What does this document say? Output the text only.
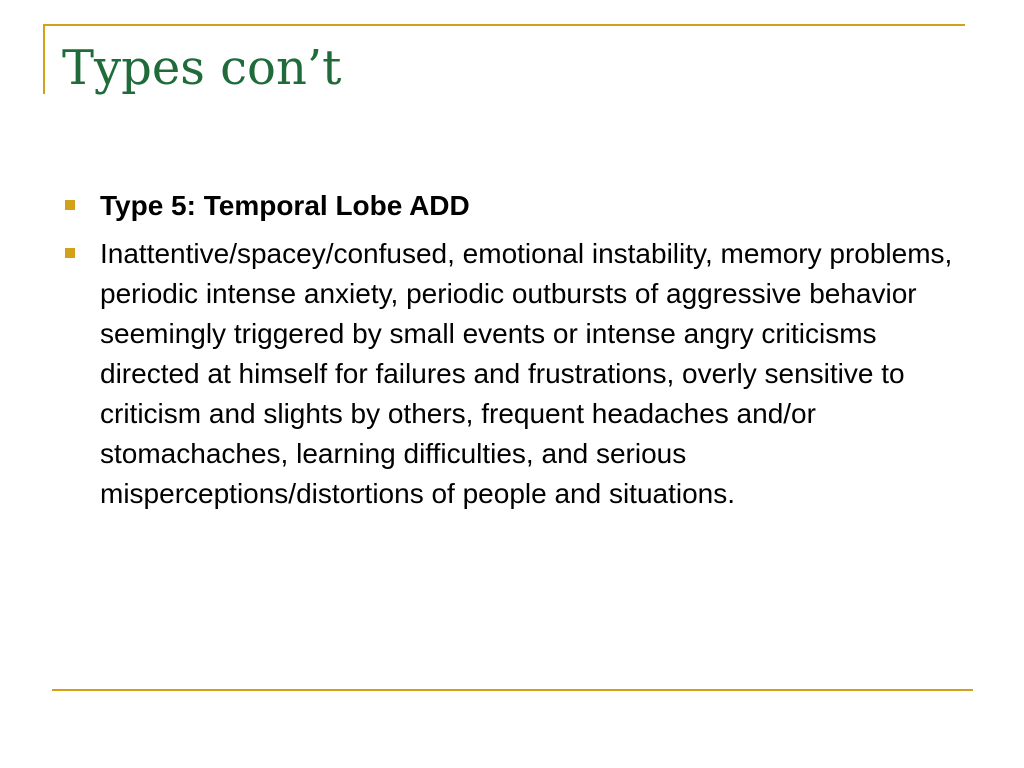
Types con’t
Type 5: Temporal Lobe ADD
Inattentive/spacey/confused, emotional instability, memory problems, periodic intense anxiety, periodic outbursts of aggressive behavior seemingly triggered by small events or intense angry criticisms directed at himself for failures and frustrations, overly sensitive to criticism and slights by others, frequent headaches and/or stomachaches, learning difficulties, and serious misperceptions/distortions of people and situations.
